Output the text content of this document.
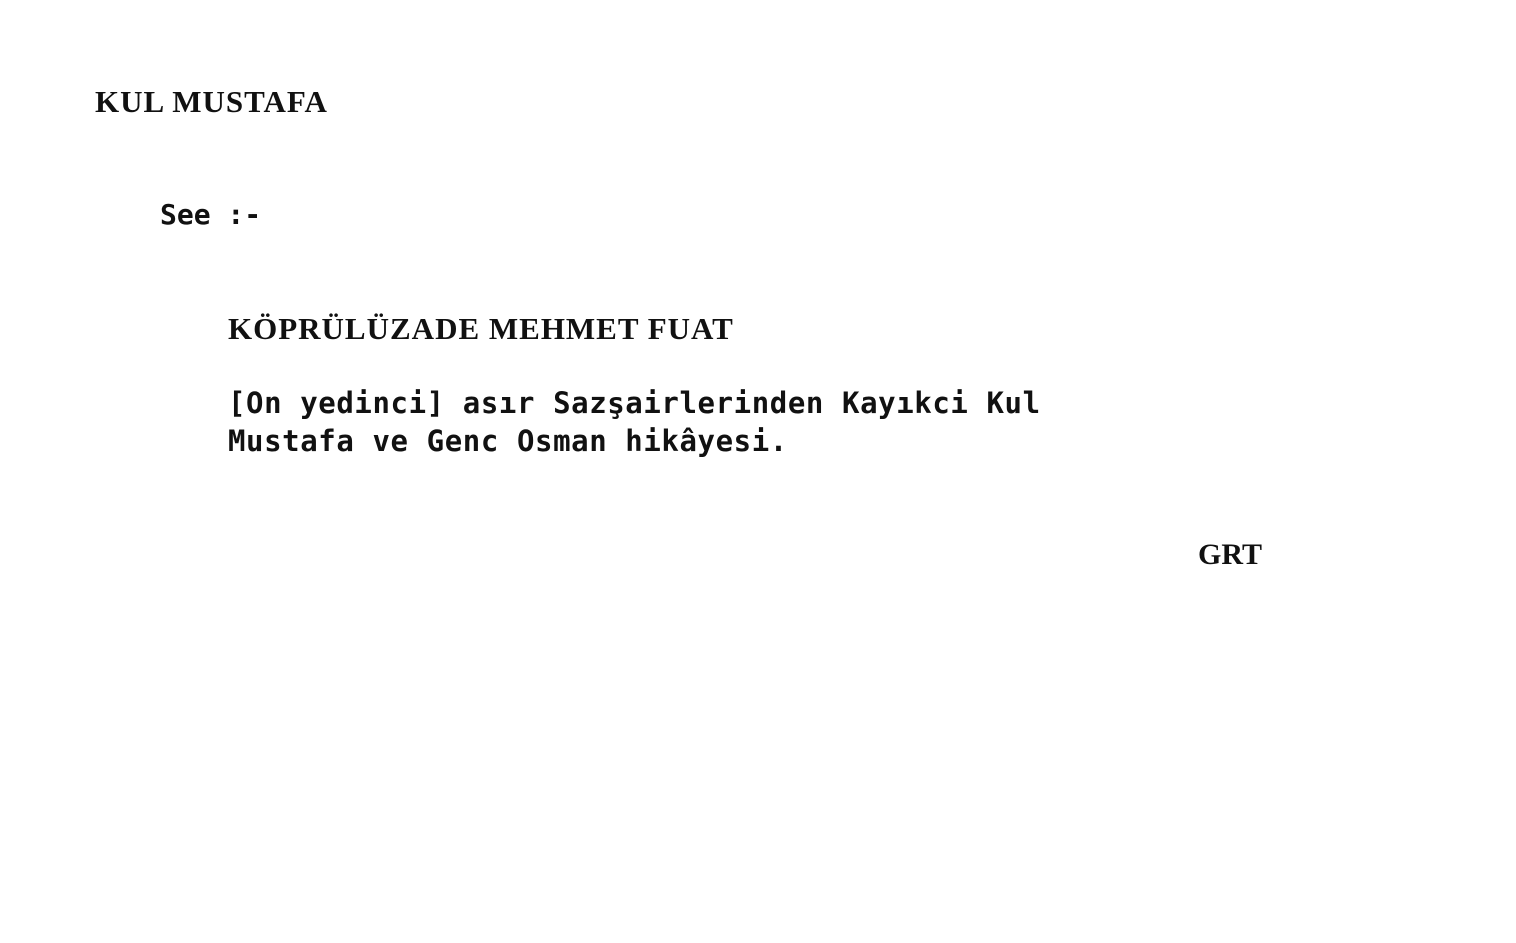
KUL MUSTAFA
See :-
KÖPRÜLÜZADE MEHMET FUAT
[On yedinci] asır Sazşairlerinden Kayıkci Kul
Mustafa ve Genc Osman hikâyesi.
GRT
